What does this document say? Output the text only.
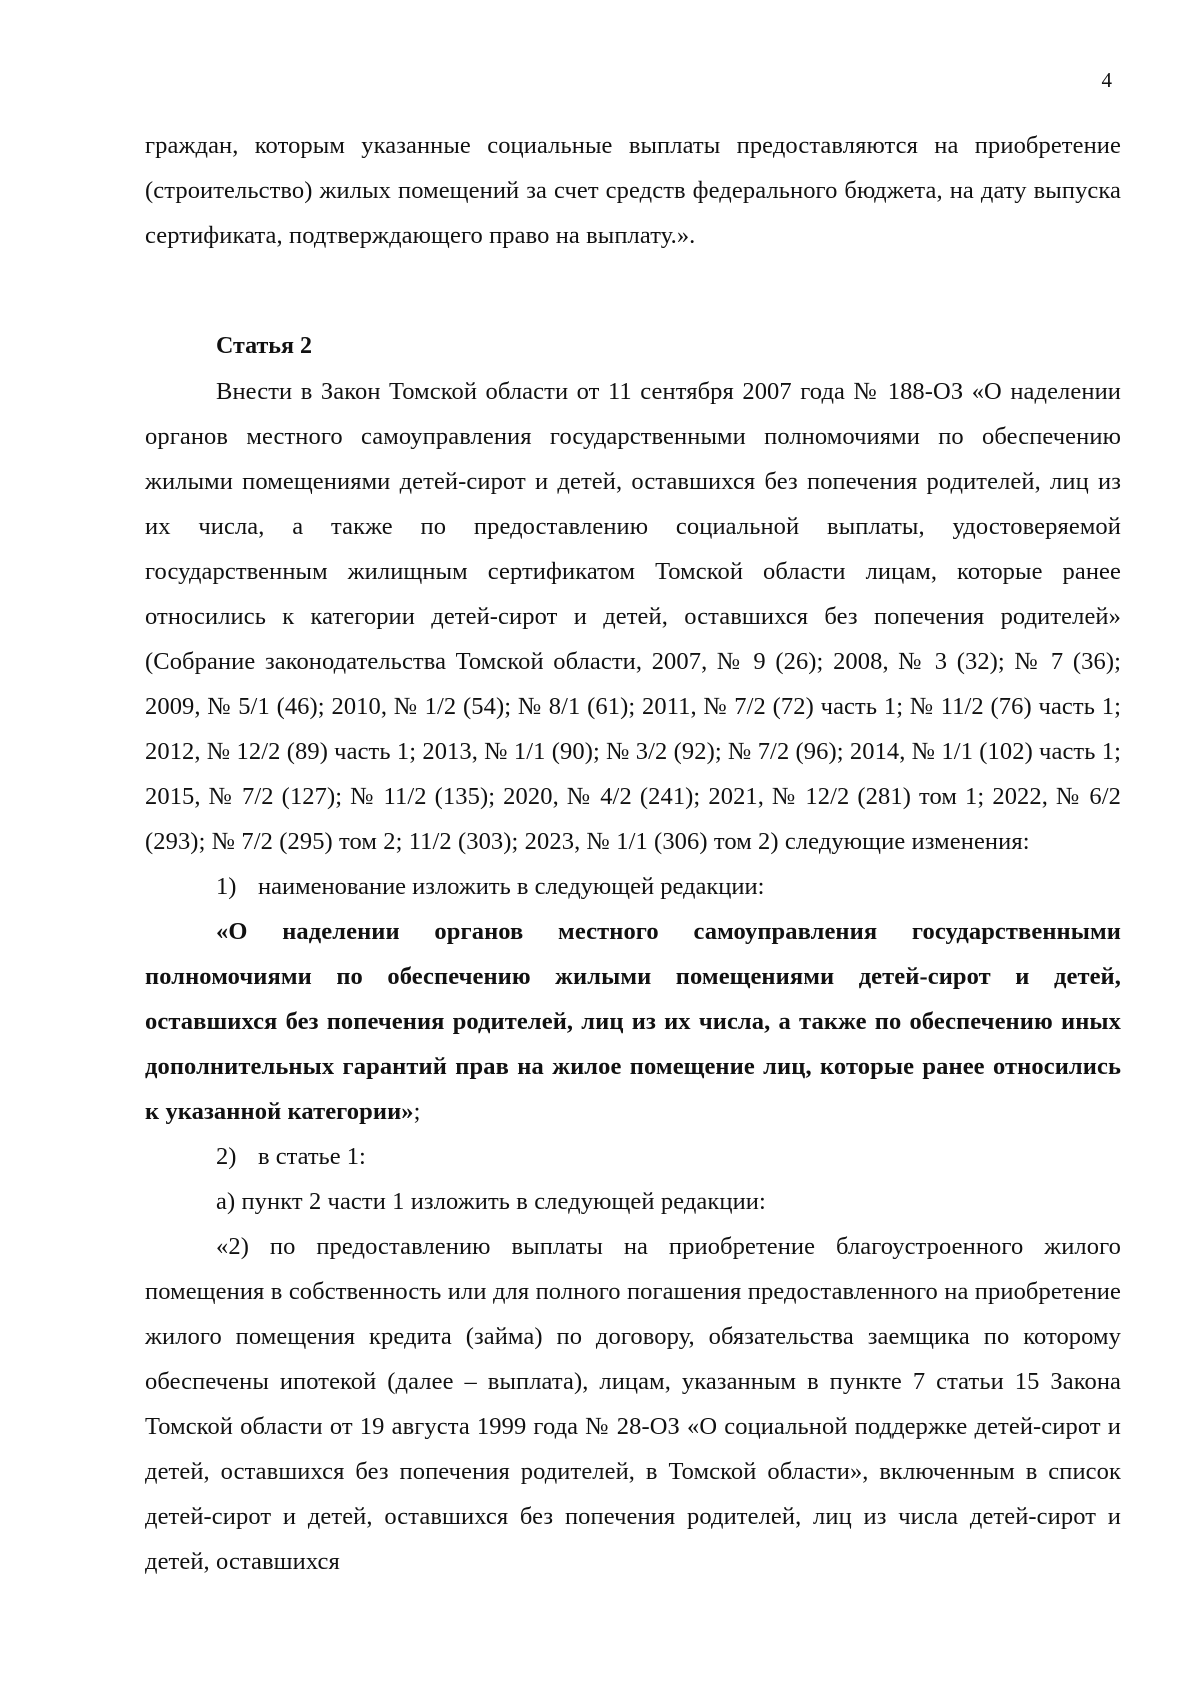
4

граждан, которым указанные социальные выплаты предоставляются на приобретение (строительство) жилых помещений за счет средств федерального бюджета, на дату выпуска сертификата, подтверждающего право на выплату.».

Статья 2

Внести в Закон Томской области от 11 сентября 2007 года № 188-ОЗ «О наделении органов местного самоуправления государственными полномочиями по обеспечению жилыми помещениями детей-сирот и детей, оставшихся без попечения родителей, лиц из их числа, а также по предоставлению социальной выплаты, удостоверяемой государственным жилищным сертификатом Томской области лицам, которые ранее относились к категории детей-сирот и детей, оставшихся без попечения родителей» (Собрание законодательства Томской области, 2007, № 9 (26); 2008, № 3 (32); № 7 (36); 2009, № 5/1 (46); 2010, № 1/2 (54); № 8/1 (61); 2011, № 7/2 (72) часть 1; № 11/2 (76) часть 1; 2012, № 12/2 (89) часть 1; 2013, № 1/1 (90); № 3/2 (92); № 7/2 (96); 2014, № 1/1 (102) часть 1; 2015, № 7/2 (127); № 11/2 (135); 2020, № 4/2 (241); 2021, № 12/2 (281) том 1; 2022, № 6/2 (293); № 7/2 (295) том 2; 11/2 (303); 2023, № 1/1 (306) том 2) следующие изменения:

1) наименование изложить в следующей редакции:

«О наделении органов местного самоуправления государственными полномочиями по обеспечению жилыми помещениями детей-сирот и детей, оставшихся без попечения родителей, лиц из их числа, а также по обеспечению иных дополнительных гарантий прав на жилое помещение лиц, которые ранее относились к указанной категории»;

2) в статье 1:

а) пункт 2 части 1 изложить в следующей редакции:

«2) по предоставлению выплаты на приобретение благоустроенного жилого помещения в собственность или для полного погашения предоставленного на приобретение жилого помещения кредита (займа) по договору, обязательства заемщика по которому обеспечены ипотекой (далее – выплата), лицам, указанным в пункте 7 статьи 15 Закона Томской области от 19 августа 1999 года № 28-ОЗ «О социальной поддержке детей-сирот и детей, оставшихся без попечения родителей, в Томской области», включенным в список детей-сирот и детей, оставшихся без попечения родителей, лиц из числа детей-сирот и детей, оставшихся
